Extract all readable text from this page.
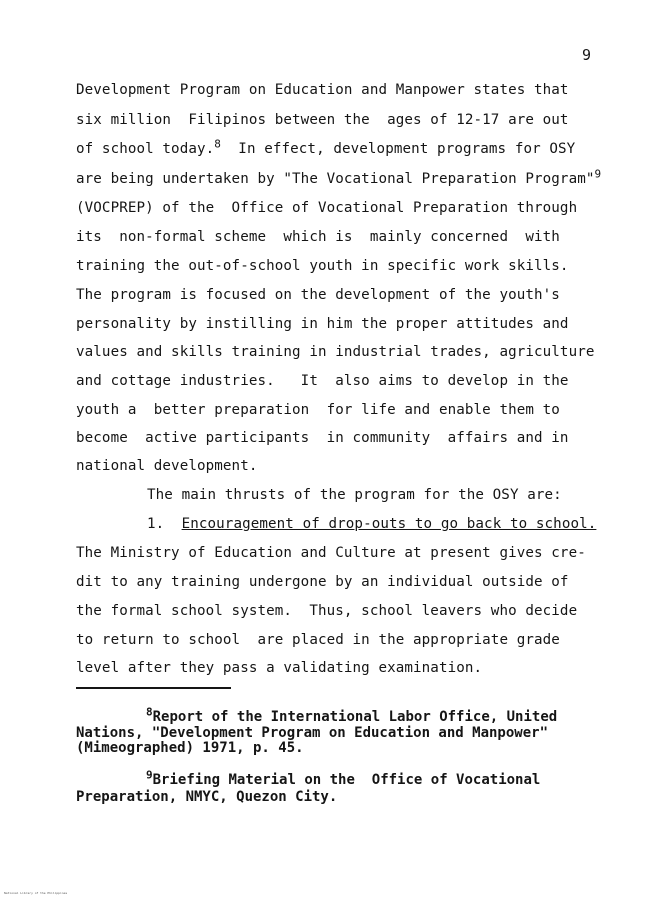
9
Development Program on Education and Manpower states that
six million  Filipinos between the  ages of 12-17 are out
of school today.$^8$ In effect, development programs for OSY
are being undertaken by "The Vocational Preparation Program"$^9$
(VOCPREP) of the  Office of Vocational Preparation through
its  non-formal scheme  which is  mainly concerned  with
training the out-of-school youth in specific work skills.
The program is focused on the development of the youth's
personality by instilling in him the proper attitudes and
values and skills training in industrial trades, agriculture
and cottage industries.   It  also aims to develop in the
youth a  better preparation  for life and enable them to
become  active participants  in community  affairs and in
national development.
The main thrusts of the program for the OSY are:
1. Encouragement of drop-outs to go back to school.
The Ministry of Education and Culture at present gives cre-
dit to any training undergone by an individual outside of
the formal school system.  Thus, school leavers who decide
to return to school  are placed in the appropriate grade
level after they pass a validating examination.
$^8$Report of the International Labor Office, United
Nations, "Development Program on Education and Manpower"
(Mimeographed) 1971, p. 45.
$^9$Briefing Material on the  Office of Vocational
Preparation, NMYC, Quezon City.
National Library of the Philippines
